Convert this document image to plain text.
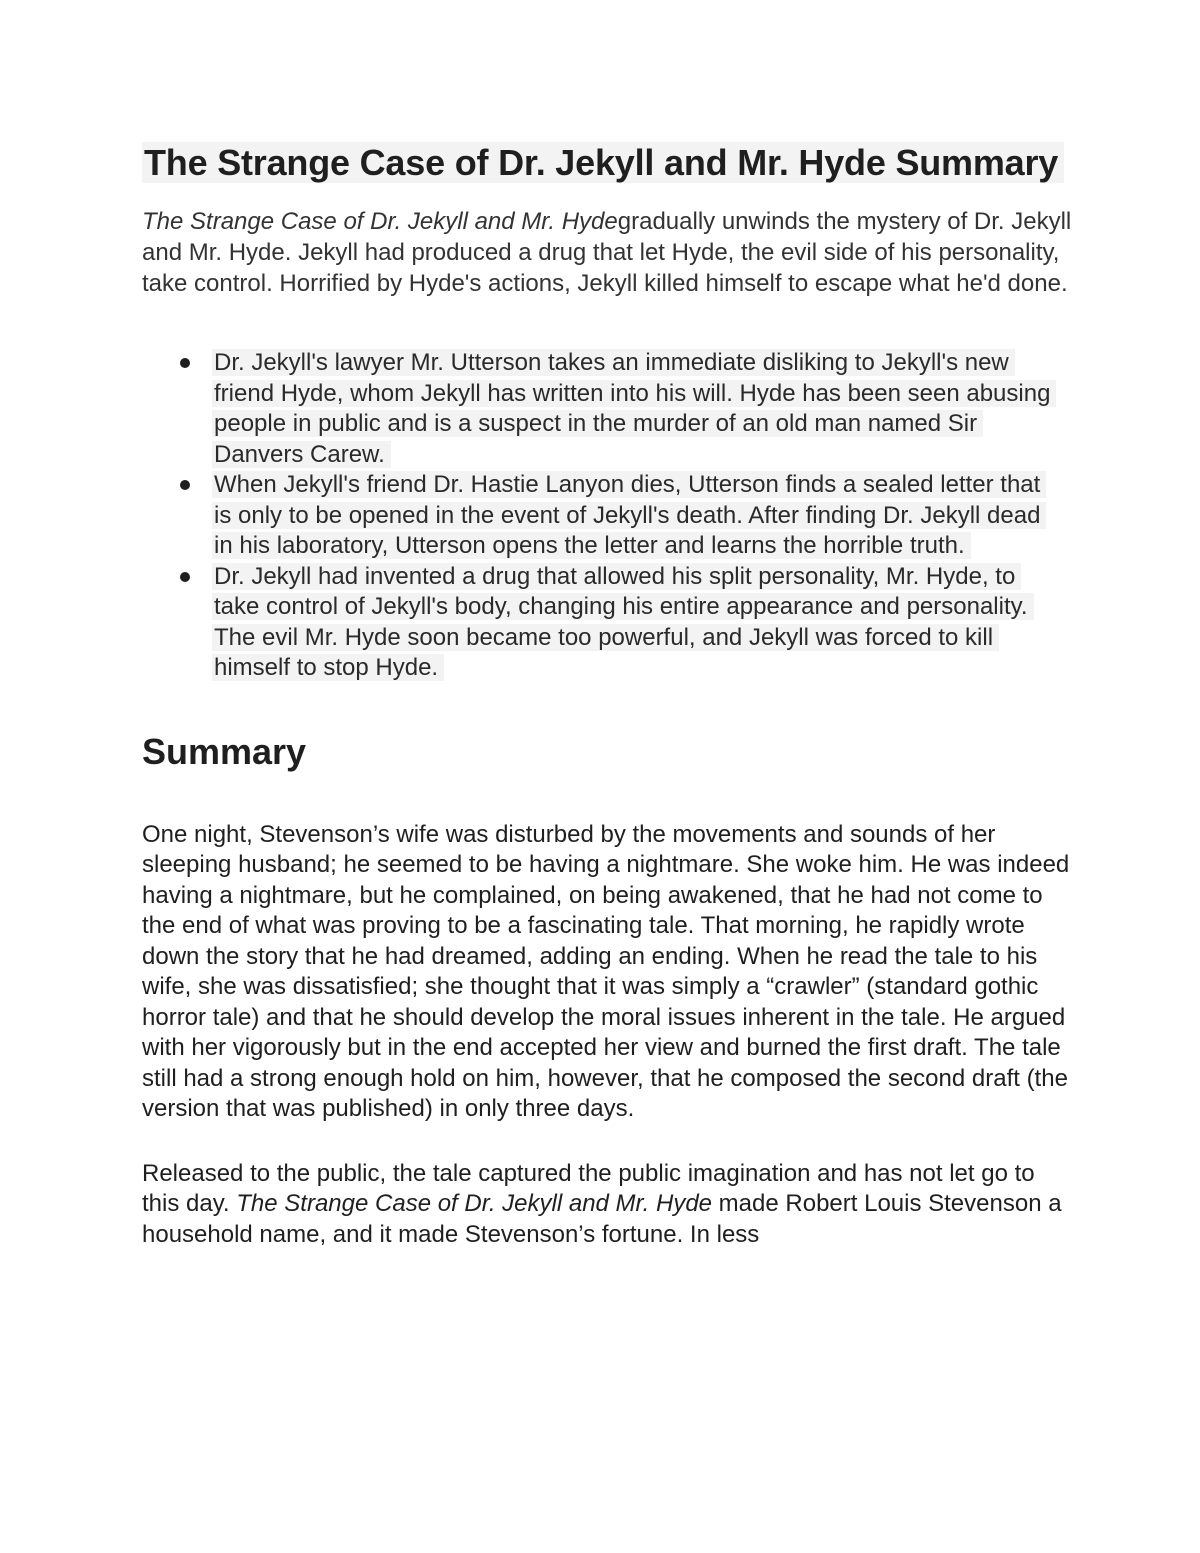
The Strange Case of Dr. Jekyll and Mr. Hyde Summary

The Strange Case of Dr. Jekyll and Mr. Hydegradually unwinds the mystery of Dr. Jekyll and Mr. Hyde. Jekyll had produced a drug that let Hyde, the evil side of his personality, take control. Horrified by Hyde's actions, Jekyll killed himself to escape what he'd done.

Dr. Jekyll's lawyer Mr. Utterson takes an immediate disliking to Jekyll's new friend Hyde, whom Jekyll has written into his will. Hyde has been seen abusing people in public and is a suspect in the murder of an old man named Sir Danvers Carew.
When Jekyll's friend Dr. Hastie Lanyon dies, Utterson finds a sealed letter that is only to be opened in the event of Jekyll's death. After finding Dr. Jekyll dead in his laboratory, Utterson opens the letter and learns the horrible truth.
Dr. Jekyll had invented a drug that allowed his split personality, Mr. Hyde, to take control of Jekyll's body, changing his entire appearance and personality. The evil Mr. Hyde soon became too powerful, and Jekyll was forced to kill himself to stop Hyde.
Summary

One night, Stevenson’s wife was disturbed by the movements and sounds of her sleeping husband; he seemed to be having a nightmare. She woke him. He was indeed having a nightmare, but he complained, on being awakened, that he had not come to the end of what was proving to be a fascinating tale. That morning, he rapidly wrote down the story that he had dreamed, adding an ending. When he read the tale to his wife, she was dissatisfied; she thought that it was simply a “crawler” (standard gothic horror tale) and that he should develop the moral issues inherent in the tale. He argued with her vigorously but in the end accepted her view and burned the first draft. The tale still had a strong enough hold on him, however, that he composed the second draft (the version that was published) in only three days.

Released to the public, the tale captured the public imagination and has not let go to this day. The Strange Case of Dr. Jekyll and Mr. Hyde made Robert Louis Stevenson a household name, and it made Stevenson’s fortune. In less
